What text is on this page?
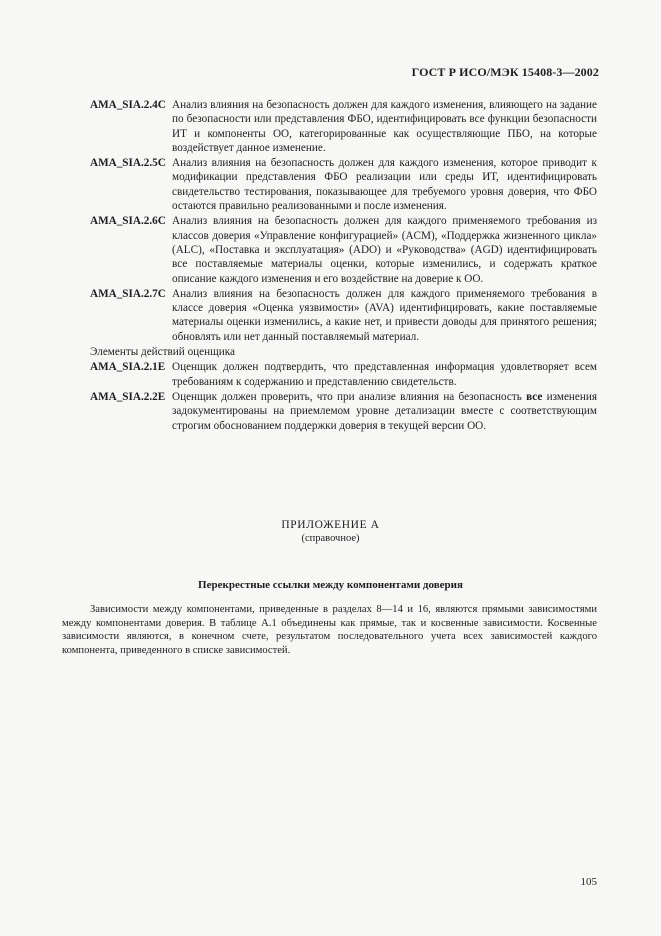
ГОСТ Р ИСО/МЭК 15408-3—2002
AMA_SIA.2.4C Анализ влияния на безопасность должен для каждого изменения, влияющего на задание по безопасности или представления ФБО, идентифицировать все функции безопасности ИТ и компоненты ОО, категорированные как осуществляющие ПБО, на которые воздействует данное изменение.
AMA_SIA.2.5C Анализ влияния на безопасность должен для каждого изменения, которое приводит к модификации представления ФБО реализации или среды ИТ, идентифицировать свидетельство тестирования, показывающее для требуемого уровня доверия, что ФБО остаются правильно реализованными и после изменения.
AMA_SIA.2.6C Анализ влияния на безопасность должен для каждого применяемого требования из классов доверия «Управление конфигурацией» (ACM), «Поддержка жизненного цикла» (ALC), «Поставка и эксплуатация» (ADO) и «Руководства» (AGD) идентифицировать все поставляемые материалы оценки, которые изменились, и содержать краткое описание каждого изменения и его воздействие на доверие к ОО.
AMA_SIA.2.7C Анализ влияния на безопасность должен для каждого применяемого требования в классе доверия «Оценка уязвимости» (AVA) идентифицировать, какие поставляемые материалы оценки изменились, а какие нет, и привести доводы для принятого решения; обновлять или нет данный поставляемый материал.
Элементы действий оценщика
AMA_SIA.2.1E Оценщик должен подтвердить, что представленная информация удовлетворяет всем требованиям к содержанию и представлению свидетельств.
AMA_SIA.2.2E Оценщик должен проверить, что при анализе влияния на безопасность все изменения задокументированы на приемлемом уровне детализации вместе с соответствующим строгим обоснованием поддержки доверия в текущей версии ОО.
ПРИЛОЖЕНИЕ А
(справочное)
Перекрестные ссылки между компонентами доверия
Зависимости между компонентами, приведенные в разделах 8—14 и 16, являются прямыми зависимостями между компонентами доверия. В таблице А.1 объединены как прямые, так и косвенные зависимости. Косвенные зависимости являются, в конечном счете, результатом последовательного учета всех зависимостей каждого компонента, приведенного в списке зависимостей.
105
